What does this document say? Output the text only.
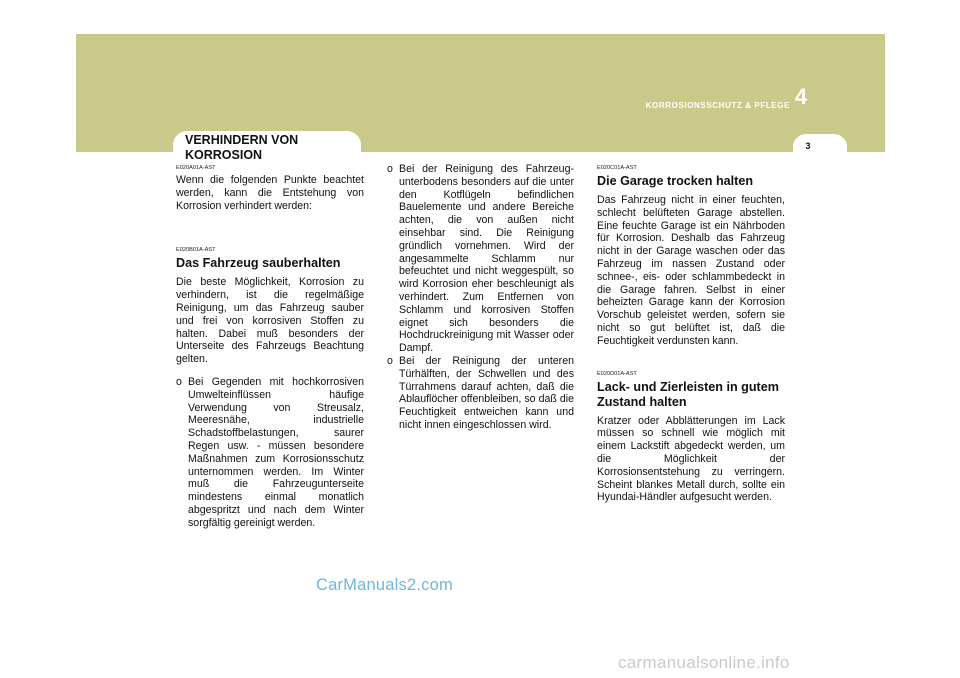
KORROSIONSSCHUTZ & PFLEGE 4
3
VERHINDERN VON KORROSION
E020A01A-AST

Wenn die folgenden Punkte beachtet werden, kann die Entstehung von Korrosion verhindert werden:

E020B01A-AST
Das Fahrzeug sauberhalten

Die beste Möglichkeit, Korrosion zu verhindern, ist die regelmäßige Reinigung, um das Fahrzeug sauber und frei von korrosiven Stoffen zu halten. Dabei muß besonders der Unterseite des Fahrzeugs Beachtung gelten.

o Bei Gegenden mit hochkorrosiven Umwelteinflüssen häufige Verwendung von Streusalz, Meeresnähe, industrielle Schadstoffbelastungen, saurer Regen usw. - müssen besondere Maßnahmen zum Korrosionsschutz unternommen werden. Im Winter muß die Fahrzeugunterseite mindestens einmal monatlich abgespritzt und nach dem Winter sorgfältig gereinigt werden.
o Bei der Reinigung des Fahrzeug-unterbodens besonders auf die unter den Kotflügeln befindlichen Bauelemente und andere Bereiche achten, die von außen nicht einsehbar sind. Die Reinigung gründlich vornehmen. Wird der angesammelte Schlamm nur befeuchtet und nicht weggespült, so wird Korrosion eher beschleunigt als verhindert. Zum Entfernen von Schlamm und korrosiven Stoffen eignet sich besonders die Hochdruckreinigung mit Wasser oder Dampf.
o Bei der Reinigung der unteren Türhälften, der Schwellen und des Türrahmens darauf achten, daß die Ablauflöcher offenbleiben, so daß die Feuchtigkeit entweichen kann und nicht innen eingeschlossen wird.
E020C01A-AST
Die Garage trocken halten

Das Fahrzeug nicht in einer feuchten, schlecht belüfteten Garage abstellen. Eine feuchte Garage ist ein Nährboden für Korrosion. Deshalb das Fahrzeug nicht in der Garage waschen oder das Fahrzeug im nassen Zustand oder schnee-, eis- oder schlammbedeckt in die Garage fahren. Selbst in einer beheizten Garage kann der Korrosion Vorschub geleistet werden, sofern sie nicht so gut belüftet ist, daß die Feuchtigkeit verdunsten kann.

E020D01A-AST
Lack- und Zierleisten in gutem Zustand halten

Kratzer oder Abblätterungen im Lack müssen so schnell wie möglich mit einem Lackstift abgedeckt werden, um die Möglichkeit der Korrosionsentstehung zu verringern. Scheint blankes Metall durch, sollte ein Hyundai-Händler aufgesucht werden.

CarManuals2.com
carmanualsonline.info
